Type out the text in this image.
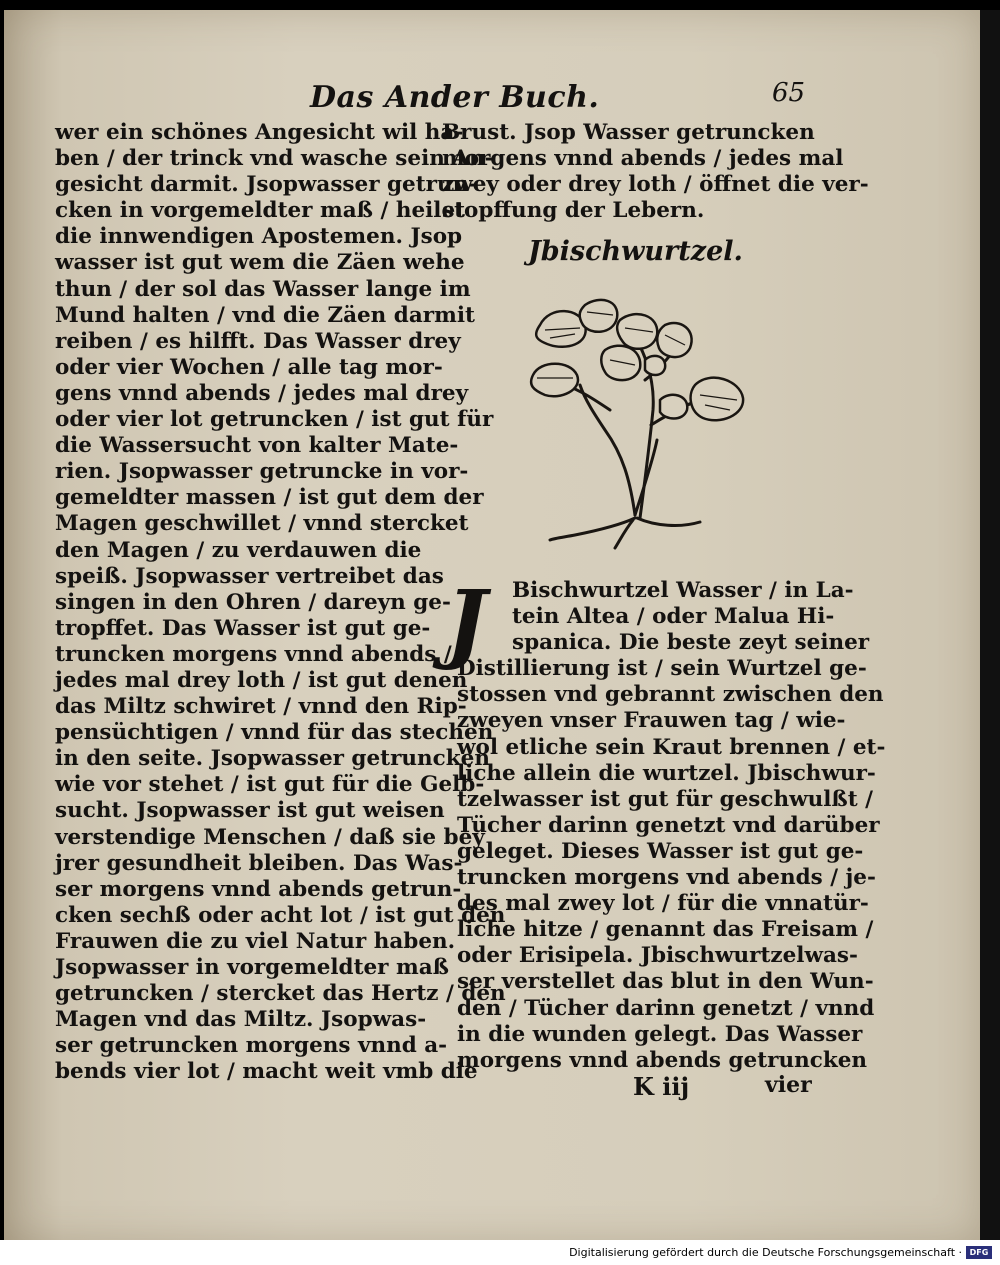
Das Ander Buch.	65
wer ein schönes Angesicht wil ha-
ben / der trinck vnd wasche sein An-
gesicht darmit. Jsopwasser getrun-
cken in vorgemeldter maß / heilet
die innwendigen Apostemen. Jsop
wasser ist gut wem die Zäen wehe
thun / der sol das Wasser lange im
Mund halten / vnd die Zäen darmit
reiben / es hilfft. Das Wasser drey
oder vier Wochen / alle tag mor-
gens vnnd abends / jedes mal drey
oder vier lot getruncken / ist gut für
die Wassersucht von kalter Mate-
rien. Jsopwasser getruncke in vor-
gemeldter massen / ist gut dem der
Magen geschwillet / vnnd stercket
den Magen / zu verdauwen die
speiß. Jsopwasser vertreibet das
singen in den Ohren / dareyn ge-
tropffet. Das Wasser ist gut ge-
truncken morgens vnnd abends /
jedes mal drey loth / ist gut denen
das Miltz schwiret / vnnd den Rip-
pensüchtigen / vnnd für das stechen
in den seite. Jsopwasser getruncken
wie vor stehet / ist gut für die Gelb-
sucht. Jsopwasser ist gut weisen
verstendige Menschen / daß sie bey
jrer gesundheit bleiben. Das Was-
ser morgens vnnd abends getrun-
cken sechß oder acht lot / ist gut den
Frauwen die zu viel Natur haben.
Jsopwasser in vorgemeldter maß
getruncken / stercket das Hertz / den
Magen vnd das Miltz. Jsopwas-
ser getruncken morgens vnnd a-
bends vier lot / macht weit vmb die
Brust. Jsop Wasser getruncken
morgens vnnd abends / jedes mal
zwey oder drey loth / öffnet die ver-
stopffung der Lebern.
Jbischwurtzel.
J	Bischwurtzel Wasser / in La-
tein Altea / oder Malua Hi-
spanica. Die beste zeyt seiner
Distillierung ist / sein Wurtzel ge-
stossen vnd gebrannt zwischen den
zweyen vnser Frauwen tag / wie-
wol etliche sein Kraut brennen / et-
liche allein die wurtzel. Jbischwur-
tzelwasser ist gut für geschwulßt /
Tücher darinn genetzt vnd darüber
geleget. Dieses Wasser ist gut ge-
truncken morgens vnd abends / je-
des mal zwey lot / für die vnnatür-
liche hitze / genannt das Freisam /
oder Erisipela. Jbischwurtzelwas-
ser verstellet das blut in den Wun-
den / Tücher darinn genetzt / vnnd
in die wunden gelegt. Das Wasser
morgens vnnd abends getruncken
K iij	vier
Digitalisierung gefördert durch die Deutsche Forschungsgemeinschaft · DFG
